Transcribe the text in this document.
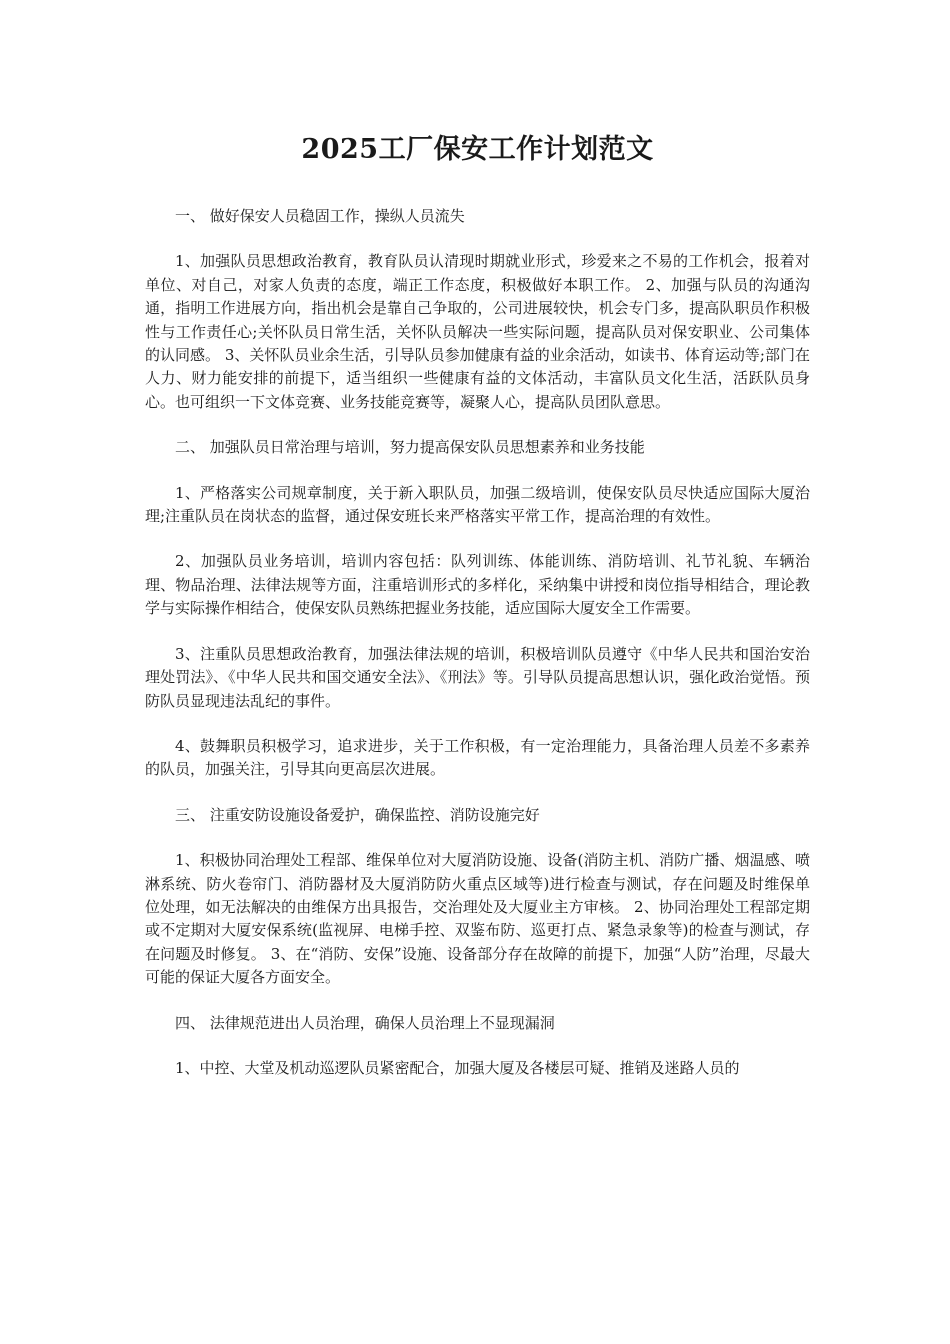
2025工厂保安工作计划范文
一、 做好保安人员稳固工作，操纵人员流失
1、加强队员思想政治教育，教育队员认清现时期就业形式，珍爱来之不易的工作机会，报着对单位、对自己，对家人负责的态度，端正工作态度，积极做好本职工作。 2、加强与队员的沟通沟通，指明工作进展方向，指出机会是靠自己争取的，公司进展较快，机会专门多，提高队职员作积极性与工作责任心;关怀队员日常生活，关怀队员解决一些实际问题，提高队员对保安职业、公司集体的认同感。 3、关怀队员业余生活，引导队员参加健康有益的业余活动，如读书、体育运动等;部门在人力、财力能安排的前提下，适当组织一些健康有益的文体活动，丰富队员文化生活，活跃队员身心。也可组织一下文体竞赛、业务技能竞赛等，凝聚人心，提高队员团队意思。
二、 加强队员日常治理与培训，努力提高保安队员思想素养和业务技能
1、严格落实公司规章制度，关于新入职队员，加强二级培训，使保安队员尽快适应国际大厦治理;注重队员在岗状态的监督，通过保安班长来严格落实平常工作，提高治理的有效性。
2、加强队员业务培训，培训内容包括：队列训练、体能训练、消防培训、礼节礼貌、车辆治理、物品治理、法律法规等方面，注重培训形式的多样化，采纳集中讲授和岗位指导相结合，理论教学与实际操作相结合，使保安队员熟练把握业务技能，适应国际大厦安全工作需要。
3、注重队员思想政治教育，加强法律法规的培训，积极培训队员遵守《中华人民共和国治安治理处罚法》、《中华人民共和国交通安全法》、《刑法》等。引导队员提高思想认识，强化政治觉悟。预防队员显现违法乱纪的事件。
4、鼓舞职员积极学习，追求进步，关于工作积极，有一定治理能力，具备治理人员差不多素养的队员，加强关注，引导其向更高层次进展。
三、 注重安防设施设备爱护，确保监控、消防设施完好
1、积极协同治理处工程部、维保单位对大厦消防设施、设备(消防主机、消防广播、烟温感、喷淋系统、防火卷帘门、消防器材及大厦消防防火重点区域等)进行检查与测试，存在问题及时维保单位处理，如无法解决的由维保方出具报告，交治理处及大厦业主方审核。 2、协同治理处工程部定期或不定期对大厦安保系统(监视屏、电梯手控、双鉴布防、巡更打点、紧急录象等)的检查与测试，存在问题及时修复。 3、在“消防、安保”设施、设备部分存在故障的前提下，加强“人防”治理，尽最大可能的保证大厦各方面安全。
四、 法律规范进出人员治理，确保人员治理上不显现漏洞
1、中控、大堂及机动巡逻队员紧密配合，加强大厦及各楼层可疑、推销及迷路人员的
